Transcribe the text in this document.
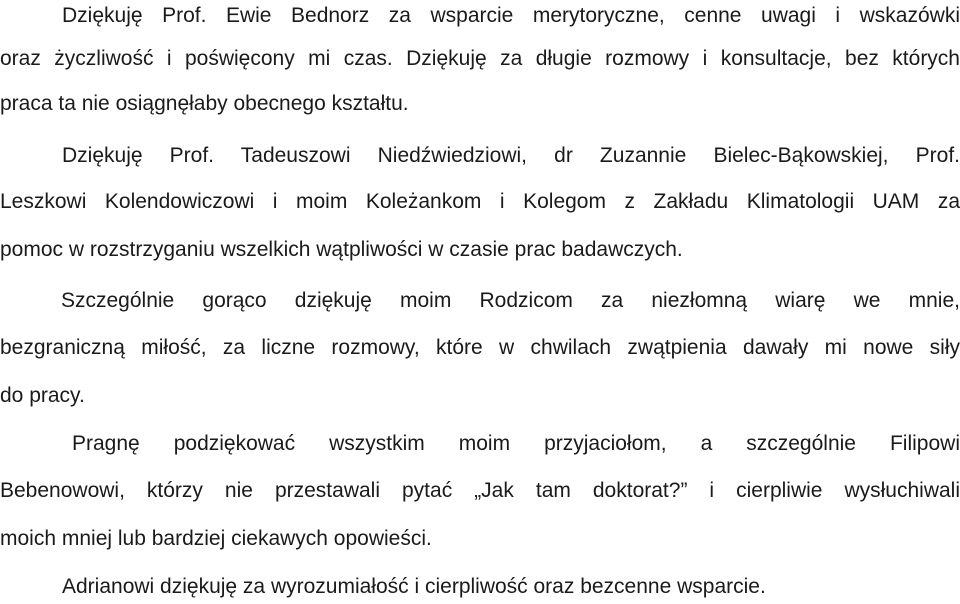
Dziękuję Prof. Ewie Bednorz za wsparcie merytoryczne, cenne uwagi i wskazówki
oraz życzliwość i poświęcony mi czas. Dziękuję za długie rozmowy i konsultacje, bez których
praca ta nie osiągnęłaby obecnego kształtu.
Dziękuję Prof. Tadeuszowi Niedźwiedziowi, dr Zuzannie Bielec-Bąkowskiej, Prof.
Leszkowi Kolendowiczowi i moim Koleżankom i Kolegom z Zakładu Klimatologii UAM za
pomoc w rozstrzyganiu wszelkich wątpliwości w czasie prac badawczych.
Szczególnie gorąco dziękuję moim Rodzicom za niezłomną wiarę we mnie,
bezgraniczną miłość, za liczne rozmowy, które w chwilach zwątpienia dawały mi nowe siły
do pracy.
Pragnę podziękować wszystkim moim przyjaciołom, a szczególnie Filipowi
Bebenowowi, którzy nie przestawali pytać „Jak tam doktorat?” i cierpliwie wysłuchiwali
moich mniej lub bardziej ciekawych opowieści.
Adrianowi dziękuję za wyrozumiałość i cierpliwość oraz bezcenne wsparcie.
